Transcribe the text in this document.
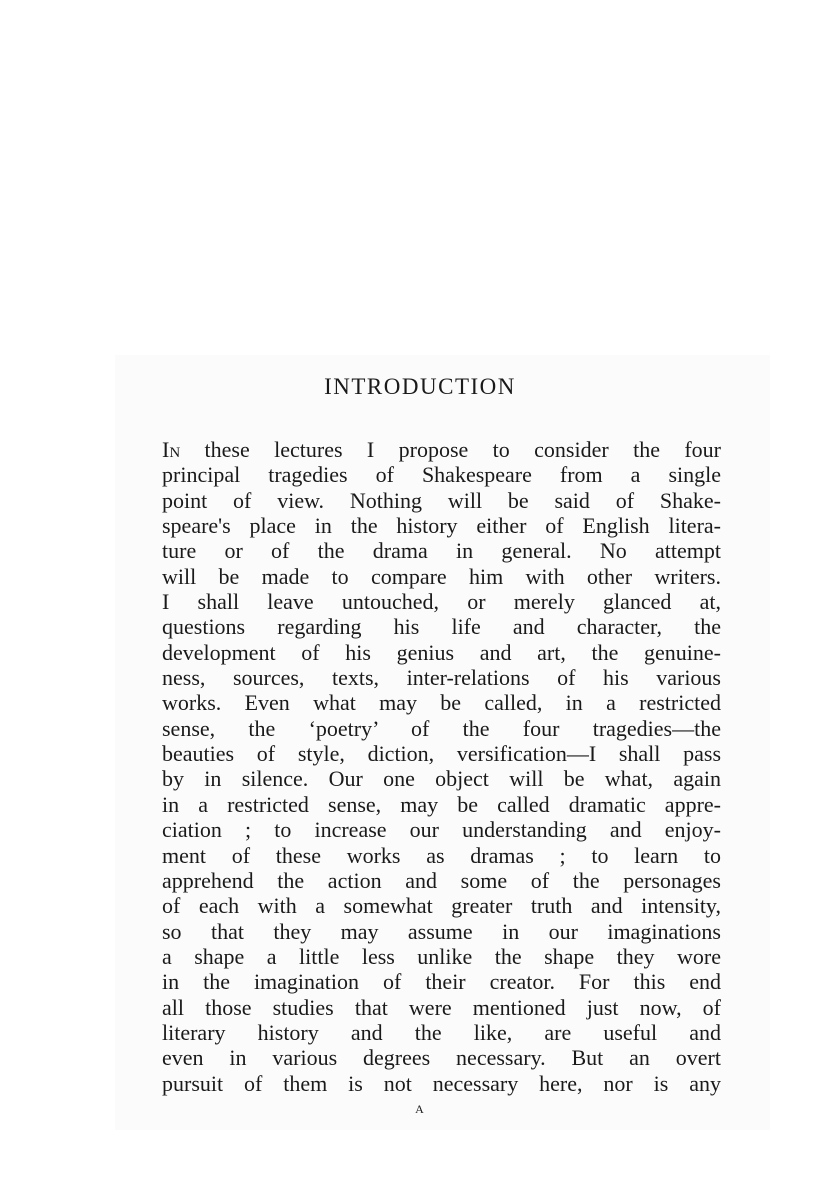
INTRODUCTION
In these lectures I propose to consider the four
principal tragedies of Shakespeare from a single
point of view. Nothing will be said of Shake-
speare's place in the history either of English litera-
ture or of the drama in general. No attempt
will be made to compare him with other writers.
I shall leave untouched, or merely glanced at,
questions regarding his life and character, the
development of his genius and art, the genuine-
ness, sources, texts, inter-relations of his various
works. Even what may be called, in a restricted
sense, the ‘poetry’ of the four tragedies—the
beauties of style, diction, versification—I shall pass
by in silence. Our one object will be what, again
in a restricted sense, may be called dramatic appre-
ciation ; to increase our understanding and enjoy-
ment of these works as dramas ; to learn to
apprehend the action and some of the personages
of each with a somewhat greater truth and intensity,
so that they may assume in our imaginations
a shape a little less unlike the shape they wore
in the imagination of their creator. For this end
all those studies that were mentioned just now, of
literary history and the like, are useful and
even in various degrees necessary. But an overt
pursuit of them is not necessary here, nor is any
A
